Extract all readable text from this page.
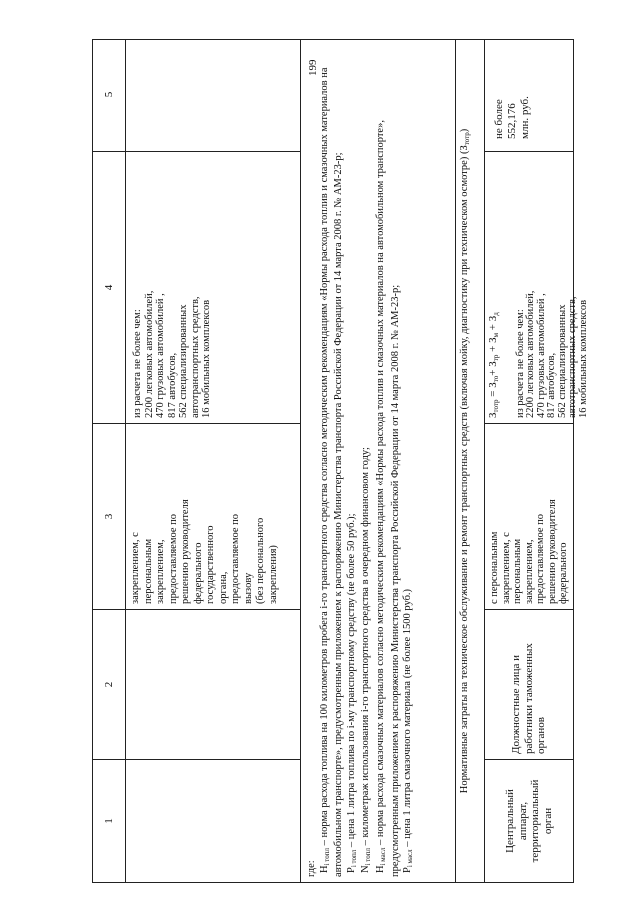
199
1
2
3
4
5
закреплением, с персональным закреплением, предоставляемое по решению руководителя федерального государственного органа, предоставляемое по вызову (без персонального закрепления)
из расчета не более чем: 2200 легковых автомобилей, 470 грузовых автомобилей , 817 автобусов, 562 специализированных автотранспортных средств, 16 мобильных комплексов

где: $Н_{i топл}$ – норма расхода топлива на 100 километров пробега i-го транспортного средства согласно методическим рекомендациям «Нормы расхода топлив и смазочных материалов на автомобильном транспорте», предусмотренным приложением к распоряжению Министерства транспорта Российской Федерации от 14 марта 2008 г. № АМ-23-р; $Р_{i топл}$ – цена 1 литра топлива по i-му транспортному средству (не более 50 руб.);

$N_{i топл}$ – километраж использования i-го транспортного средства в очередном финансовом году;

$Н_{i масл}$ – норма расхода смазочных материалов согласно методическим рекомендациям «Нормы расхода топлив и смазочных материалов на автомобильном транспорте», предусмотренным приложением к распоряжению Министерства транспорта Российской Федерации от 14 марта 2008 г. № АМ-23-р; $Р_{i масл}$ – цена 1 литра смазочного материала (не более 1500 руб.)	Нормативные затраты на техническое обслуживание и ремонт транспортных средств (включая мойку, диагностику при техническом осмотре) $(З_{тотр})$
Центральный аппарат, территориальный орган
Должностные лица и работники таможенных органов
с персональным закреплением, с персональным закреплением, предоставляемое по решению руководителя федерального
$З_{тотр} = З_{то}+ З_{тр} + З_м + З_д$ из расчета не более чем: 2200 легковых автомобилей, 470 грузовых автомобилей , 817 автобусов, 562 специализированных автотранспортных средств, 16 мобильных комплексов
не более 552,176 млн. руб.
